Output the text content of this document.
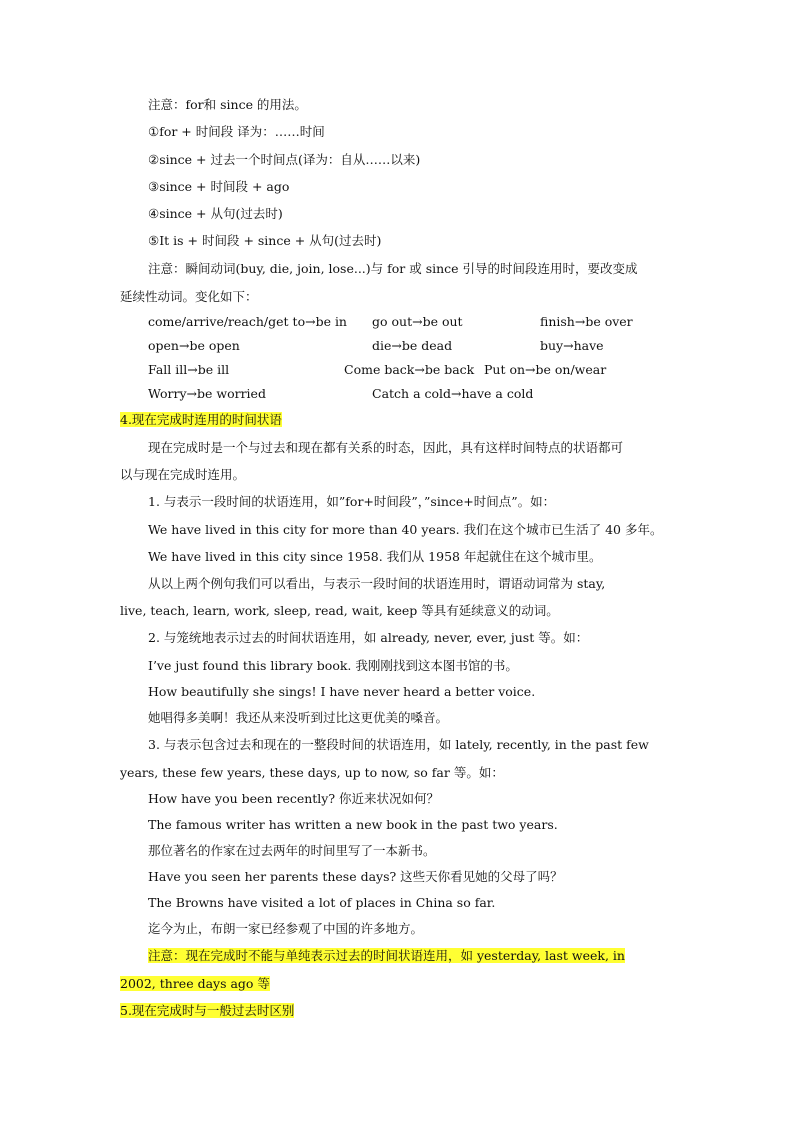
注意：for和 since 的用法。
①for + 时间段 译为：……时间
②since + 过去一个时间点(译为：自从……以来)
③since + 时间段 + ago
④since + 从句(过去时)
⑤It is + 时间段 + since + 从句(过去时)
注意：瞬间动词(buy, die, join, lose...)与 for 或 since 引导的时间段连用时，要改变成
延续性动词。变化如下：
come/arrive/reach/get to→be in go out→be out	finish→be over
open→be open	die→be dead	buy→have
Fall ill→be ill	Come back→be back Put on→be on/wear
Worry→be worried	Catch a cold→have a cold
4.现在完成时连用的时间状语
现在完成时是一个与过去和现在都有关系的时态，因此，具有这样时间特点的状语都可
以与现在完成时连用。
1. 与表示一段时间的状语连用，如”for+时间段”，”since+时间点”。如：
We have lived in this city for more than 40 years. 我们在这个城市已生活了 40 多年。
We have lived in this city since 1958. 我们从 1958 年起就住在这个城市里。
从以上两个例句我们可以看出，与表示一段时间的状语连用时，谓语动词常为 stay,
live, teach, learn, work, sleep, read, wait, keep 等具有延续意义的动词。
2. 与笼统地表示过去的时间状语连用，如 already, never, ever, just 等。如：
I’ve just found this library book. 我刚刚找到这本图书馆的书。
How beautifully she sings! I have never heard a better voice.
她唱得多美啊！我还从来没听到过比这更优美的嗓音。
3. 与表示包含过去和现在的一整段时间的状语连用，如 lately, recently, in the past few
years, these few years, these days, up to now, so far 等。如：
How have you been recently? 你近来状况如何？
The famous writer has written a new book in the past two years.
那位著名的作家在过去两年的时间里写了一本新书。
Have you seen her parents these days? 这些天你看见她的父母了吗？
The Browns have visited a lot of places in China so far.
迄今为止，布朗一家已经参观了中国的许多地方。
注意：现在完成时不能与单纯表示过去的时间状语连用，如 yesterday, last week, in
2002, three days ago 等
5.现在完成时与一般过去时区别
